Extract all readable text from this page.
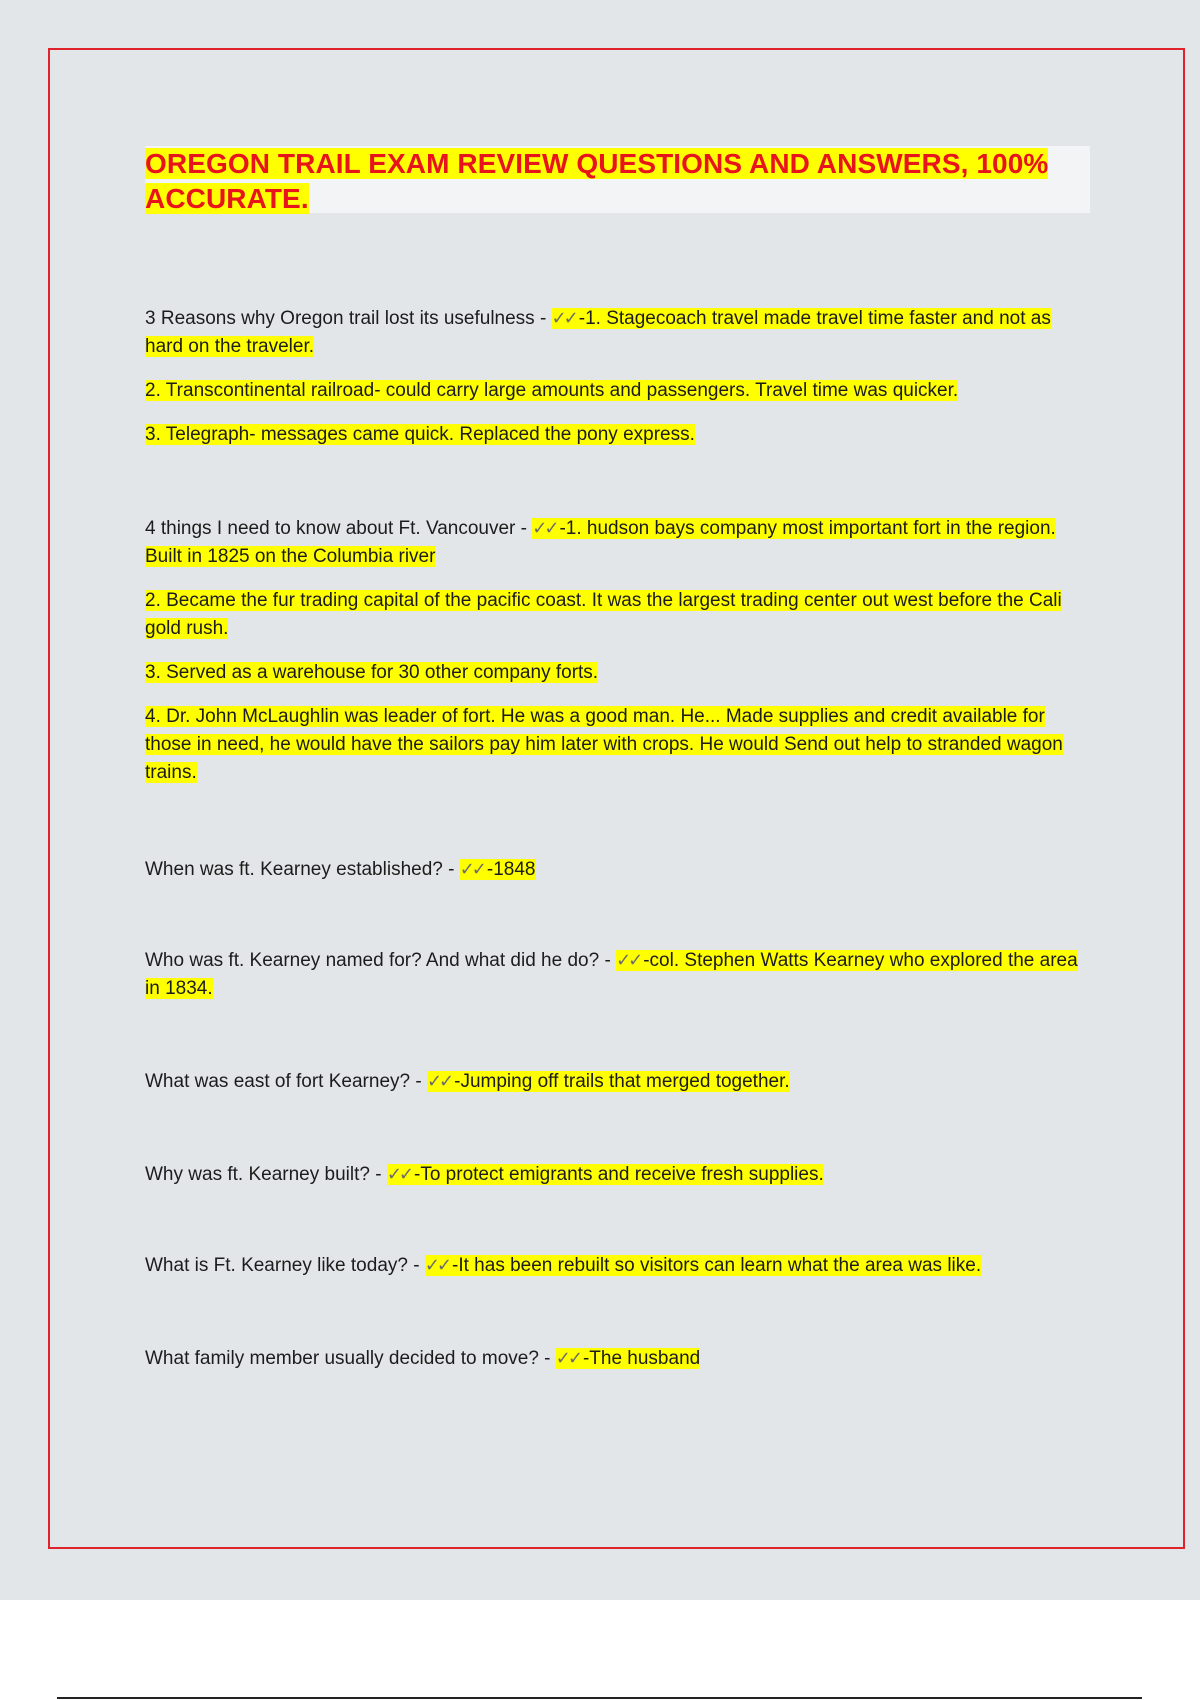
OREGON TRAIL EXAM REVIEW QUESTIONS AND ANSWERS, 100%
ACCURATE.

3 Reasons why Oregon trail lost its usefulness - ✓✓ -1. Stagecoach travel made travel time faster and not as hard on the traveler.

2. Transcontinental railroad- could carry large amounts and passengers. Travel time was quicker.

3. Telegraph- messages came quick. Replaced the pony express.

4 things I need to know about Ft. Vancouver - ✓✓ -1. hudson bays company most important fort in the region. Built in 1825 on the Columbia river

2. Became the fur trading capital of the pacific coast. It was the largest trading center out west before the Cali gold rush.

3. Served as a warehouse for 30 other company forts.

4. Dr. John McLaughlin was leader of fort. He was a good man. He... Made supplies and credit available for those in need, he would have the sailors pay him later with crops. He would Send out help to stranded wagon trains.

When was ft. Kearney established? - ✓✓ -1848

Who was ft. Kearney named for? And what did he do? - ✓✓ -col. Stephen Watts Kearney who explored the area in 1834.

What was east of fort Kearney? - ✓✓ -Jumping off trails that merged together.

Why was ft. Kearney built? - ✓✓ -To protect emigrants and receive fresh supplies.

What is Ft. Kearney like today? - ✓✓ -It has been rebuilt so visitors can learn what the area was like.

What family member usually decided to move? - ✓✓ -The husband
